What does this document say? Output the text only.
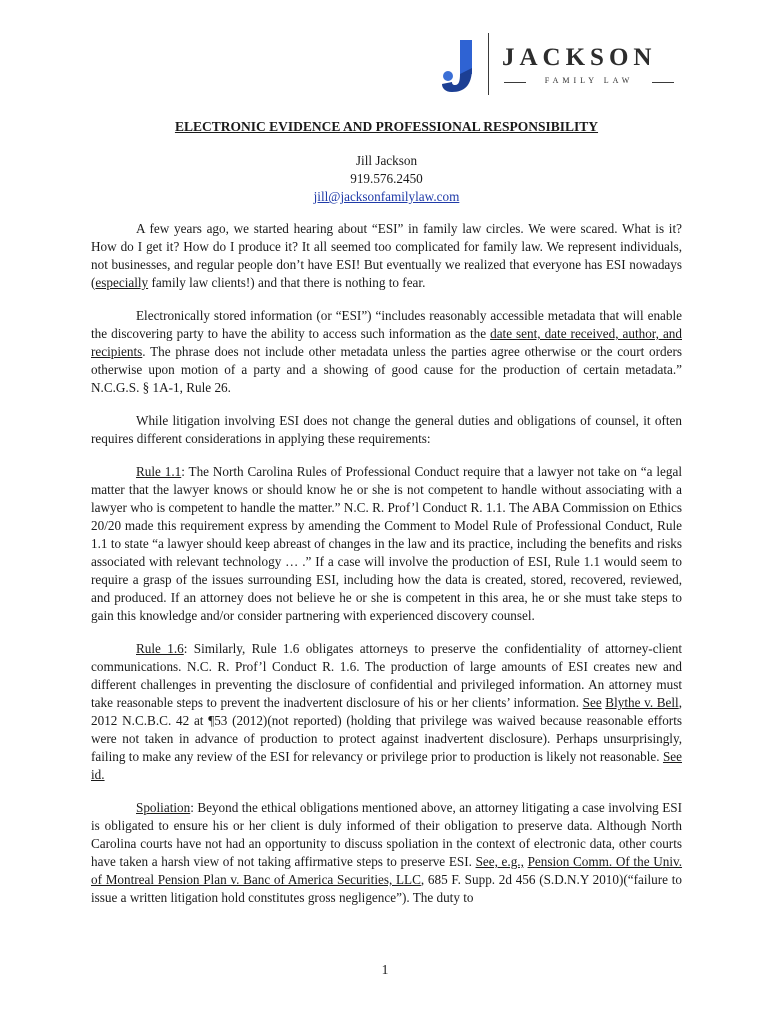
JACKSON
FAMILY LAW
ELECTRONIC EVIDENCE AND PROFESSIONAL RESPONSIBILITY
Jill Jackson
919.576.2450
jill@jacksonfamilylaw.com

A few years ago, we started hearing about “ESI” in family law circles. We were scared. What is it? How do I get it? How do I produce it? It all seemed too complicated for family law. We represent individuals, not businesses, and regular people don’t have ESI! But eventually we realized that everyone has ESI nowadays (especially family law clients!) and that there is nothing to fear.

Electronically stored information (or “ESI”) “includes reasonably accessible metadata that will enable the discovering party to have the ability to access such information as the date sent, date received, author, and recipients. The phrase does not include other metadata unless the parties agree otherwise or the court orders otherwise upon motion of a party and a showing of good cause for the production of certain metadata.” N.C.G.S. § 1A-1, Rule 26.

While litigation involving ESI does not change the general duties and obligations of counsel, it often requires different considerations in applying these requirements:

Rule 1.1: The North Carolina Rules of Professional Conduct require that a lawyer not take on “a legal matter that the lawyer knows or should know he or she is not competent to handle without associating with a lawyer who is competent to handle the matter.” N.C. R. Prof’l Conduct R. 1.1. The ABA Commission on Ethics 20/20 made this requirement express by amending the Comment to Model Rule of Professional Conduct, Rule 1.1 to state “a lawyer should keep abreast of changes in the law and its practice, including the benefits and risks associated with relevant technology … .” If a case will involve the production of ESI, Rule 1.1 would seem to require a grasp of the issues surrounding ESI, including how the data is created, stored, recovered, reviewed, and produced. If an attorney does not believe he or she is competent in this area, he or she must take steps to gain this knowledge and/or consider partnering with experienced discovery counsel.

Rule 1.6: Similarly, Rule 1.6 obligates attorneys to preserve the confidentiality of attorney-client communications. N.C. R. Prof’l Conduct R. 1.6. The production of large amounts of ESI creates new and different challenges in preventing the disclosure of confidential and privileged information. An attorney must take reasonable steps to prevent the inadvertent disclosure of his or her clients’ information. See Blythe v. Bell, 2012 N.C.B.C. 42 at ¶53 (2012)(not reported) (holding that privilege was waived because reasonable efforts were not taken in advance of production to protect against inadvertent disclosure). Perhaps unsurprisingly, failing to make any review of the ESI for relevancy or privilege prior to production is likely not reasonable. See id.

Spoliation: Beyond the ethical obligations mentioned above, an attorney litigating a case involving ESI is obligated to ensure his or her client is duly informed of their obligation to preserve data. Although North Carolina courts have not had an opportunity to discuss spoliation in the context of electronic data, other courts have taken a harsh view of not taking affirmative steps to preserve ESI. See, e.g., Pension Comm. Of the Univ. of Montreal Pension Plan v. Banc of America Securities, LLC, 685 F. Supp. 2d 456 (S.D.N.Y 2010)(“failure to issue a written litigation hold constitutes gross negligence”). The duty to

1
